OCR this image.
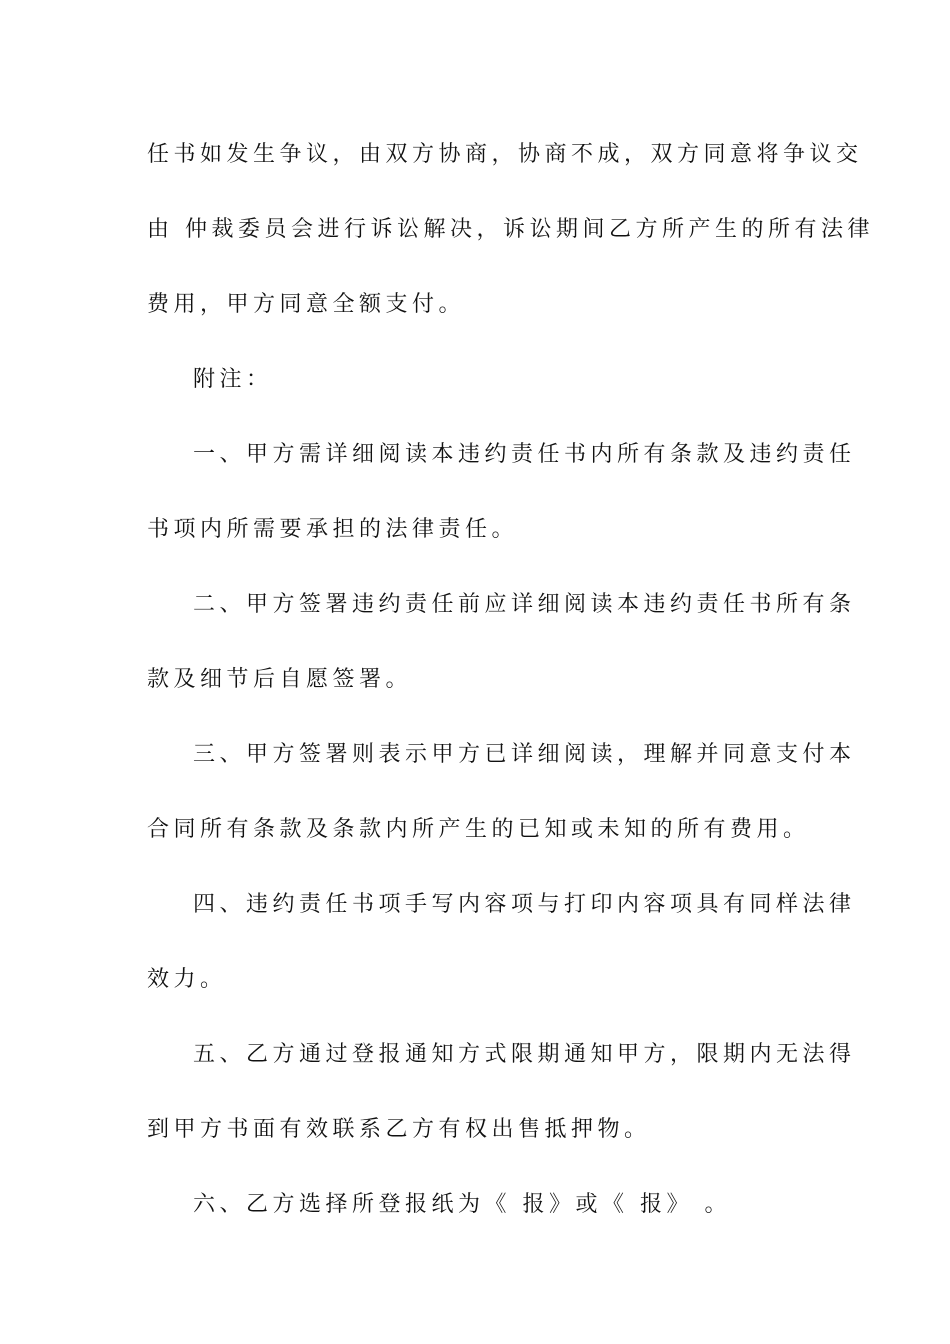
任书如发生争议，由双方协商，协商不成，双方同意将争议交
由 仲裁委员会进行诉讼解决，诉讼期间乙方所产生的所有法律
费用，甲方同意全额支付。
附注：
一、甲方需详细阅读本违约责任书内所有条款及违约责任
书项内所需要承担的法律责任。
二、甲方签署违约责任前应详细阅读本违约责任书所有条
款及细节后自愿签署。
三、甲方签署则表示甲方已详细阅读，理解并同意支付本
合同所有条款及条款内所产生的已知或未知的所有费用。
四、违约责任书项手写内容项与打印内容项具有同样法律
效力。
五、乙方通过登报通知方式限期通知甲方，限期内无法得
到甲方书面有效联系乙方有权出售抵押物。
六、乙方选择所登报纸为《 报》或《 报》 。
